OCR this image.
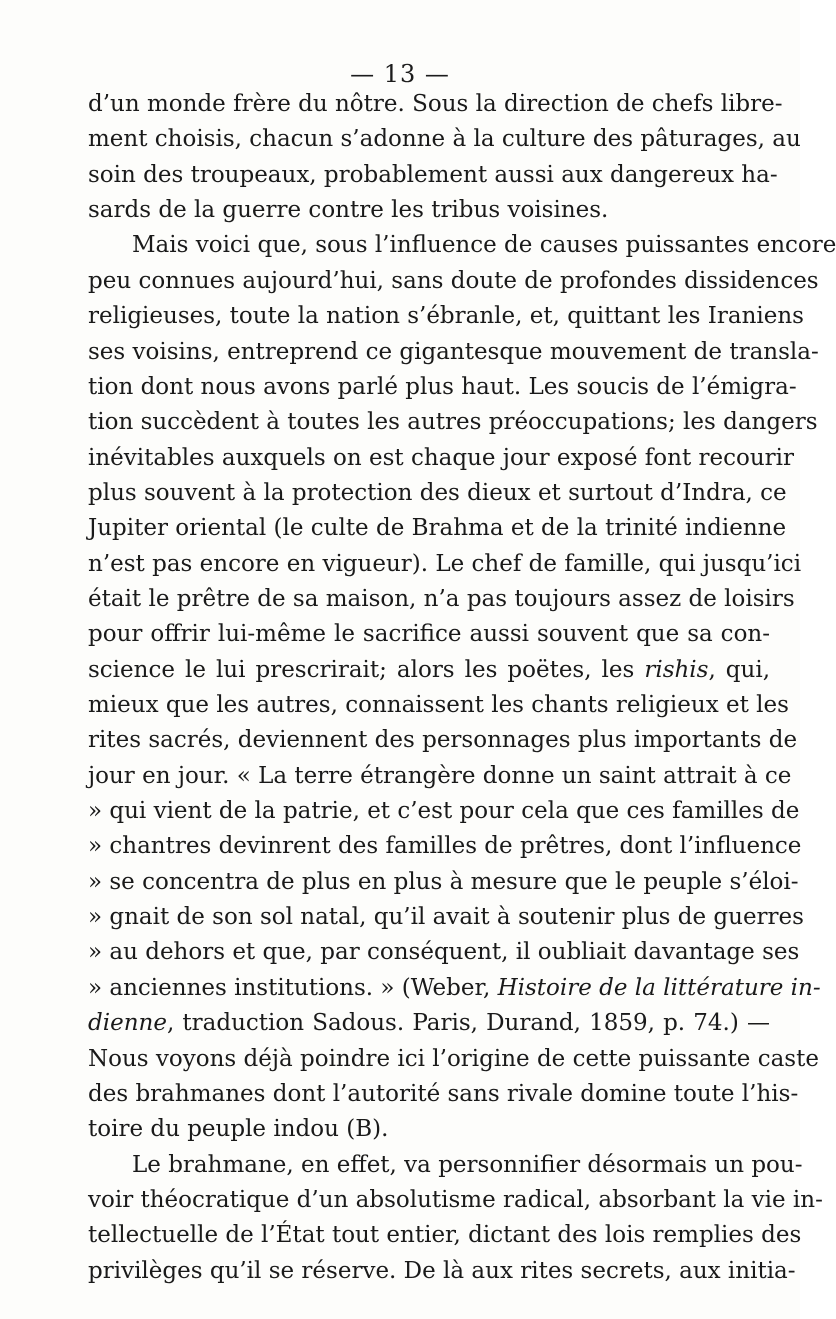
— 13 —

d’un monde frère du nôtre. Sous la direction de chefs libre-

ment choisis, chacun s’adonne à la culture des pâturages, au

soin des troupeaux, probablement aussi aux dangereux ha-

sards de la guerre contre les tribus voisines.

Mais voici que, sous l’influence de causes puissantes encore

peu connues aujourd’hui, sans doute de profondes dissidences

religieuses, toute la nation s’ébranle, et, quittant les Iraniens

ses voisins, entreprend ce gigantesque mouvement de transla-

tion dont nous avons parlé plus haut. Les soucis de l’émigra-

tion succèdent à toutes les autres préoccupations; les dangers

inévitables auxquels on est chaque jour exposé font recourir

plus souvent à la protection des dieux et surtout d’Indra, ce

Jupiter oriental (le culte de Brahma et de la trinité indienne

n’est pas encore en vigueur). Le chef de famille, qui jusqu’ici

était le prêtre de sa maison, n’a pas toujours assez de loisirs

pour offrir lui-même le sacrifice aussi souvent que sa con-

science le lui prescrirait; alors les poëtes, les rishis, qui,

mieux que les autres, connaissent les chants religieux et les

rites sacrés, deviennent des personnages plus importants de

jour en jour. « La terre étrangère donne un saint attrait à ce

» qui vient de la patrie, et c’est pour cela que ces familles de

» chantres devinrent des familles de prêtres, dont l’influence

» se concentra de plus en plus à mesure que le peuple s’éloi-

» gnait de son sol natal, qu’il avait à soutenir plus de guerres

» au dehors et que, par conséquent, il oubliait davantage ses

» anciennes institutions. » (Weber, Histoire de la littérature in-

dienne, traduction Sadous. Paris, Durand, 1859, p. 74.) —

Nous voyons déjà poindre ici l’origine de cette puissante caste

des brahmanes dont l’autorité sans rivale domine toute l’his-

toire du peuple indou (B).

Le brahmane, en effet, va personnifier désormais un pou-

voir théocratique d’un absolutisme radical, absorbant la vie in-

tellectuelle de l’État tout entier, dictant des lois remplies des

privilèges qu’il se réserve. De là aux rites secrets, aux initia-
